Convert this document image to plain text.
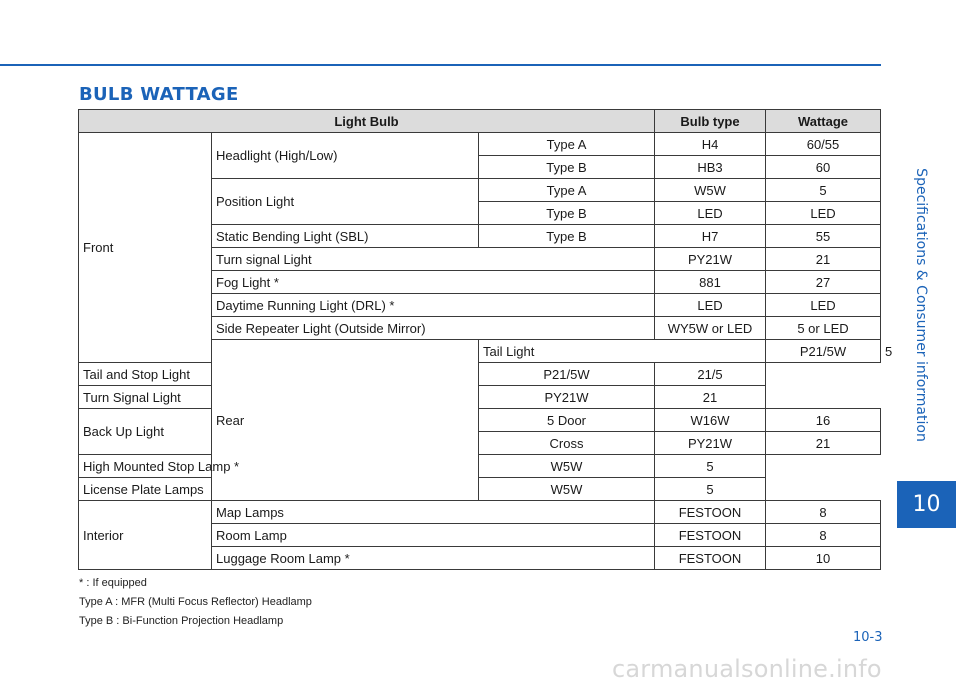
BULB WATTAGE
Light Bulb			Bulb type	Wattage	
Front	Headlight (High/Low)	Type A	H4	60/55	
		Type B	HB3	60	
	Position Light	Type A	W5W	5	
		Type B	LED	LED	
	Static Bending Light (SBL)	Type B	H7	55	
	Turn signal Light		PY21W	21	
	Fog Light *		881	27	
	Daytime Running Light (DRL) *		LED	LED	
	Side Repeater Light (Outside Mirror)		WY5W or LED	5 or LED	
	Rear	Tail Light		P21/5W	5
Tail and Stop Light		P21/5W	21/5		
Turn Signal Light		PY21W	21		
Back Up Light		5 Door	W16W	16	
		Cross	PY21W	21	
High Mounted Stop Lamp *		W5W	5		
License Plate Lamps		W5W	5		
Interior	Map Lamps		FESTOON	8	
	Room Lamp		FESTOON	8	
	Luggage Room Lamp *		FESTOON	10	
* : If equipped
Type A : MFR (Multi Focus Reflector) Headlamp
Type B : Bi-Function Projection Headlamp
10-3
Specifications & Consumer information
10
carmanualsonline.info
